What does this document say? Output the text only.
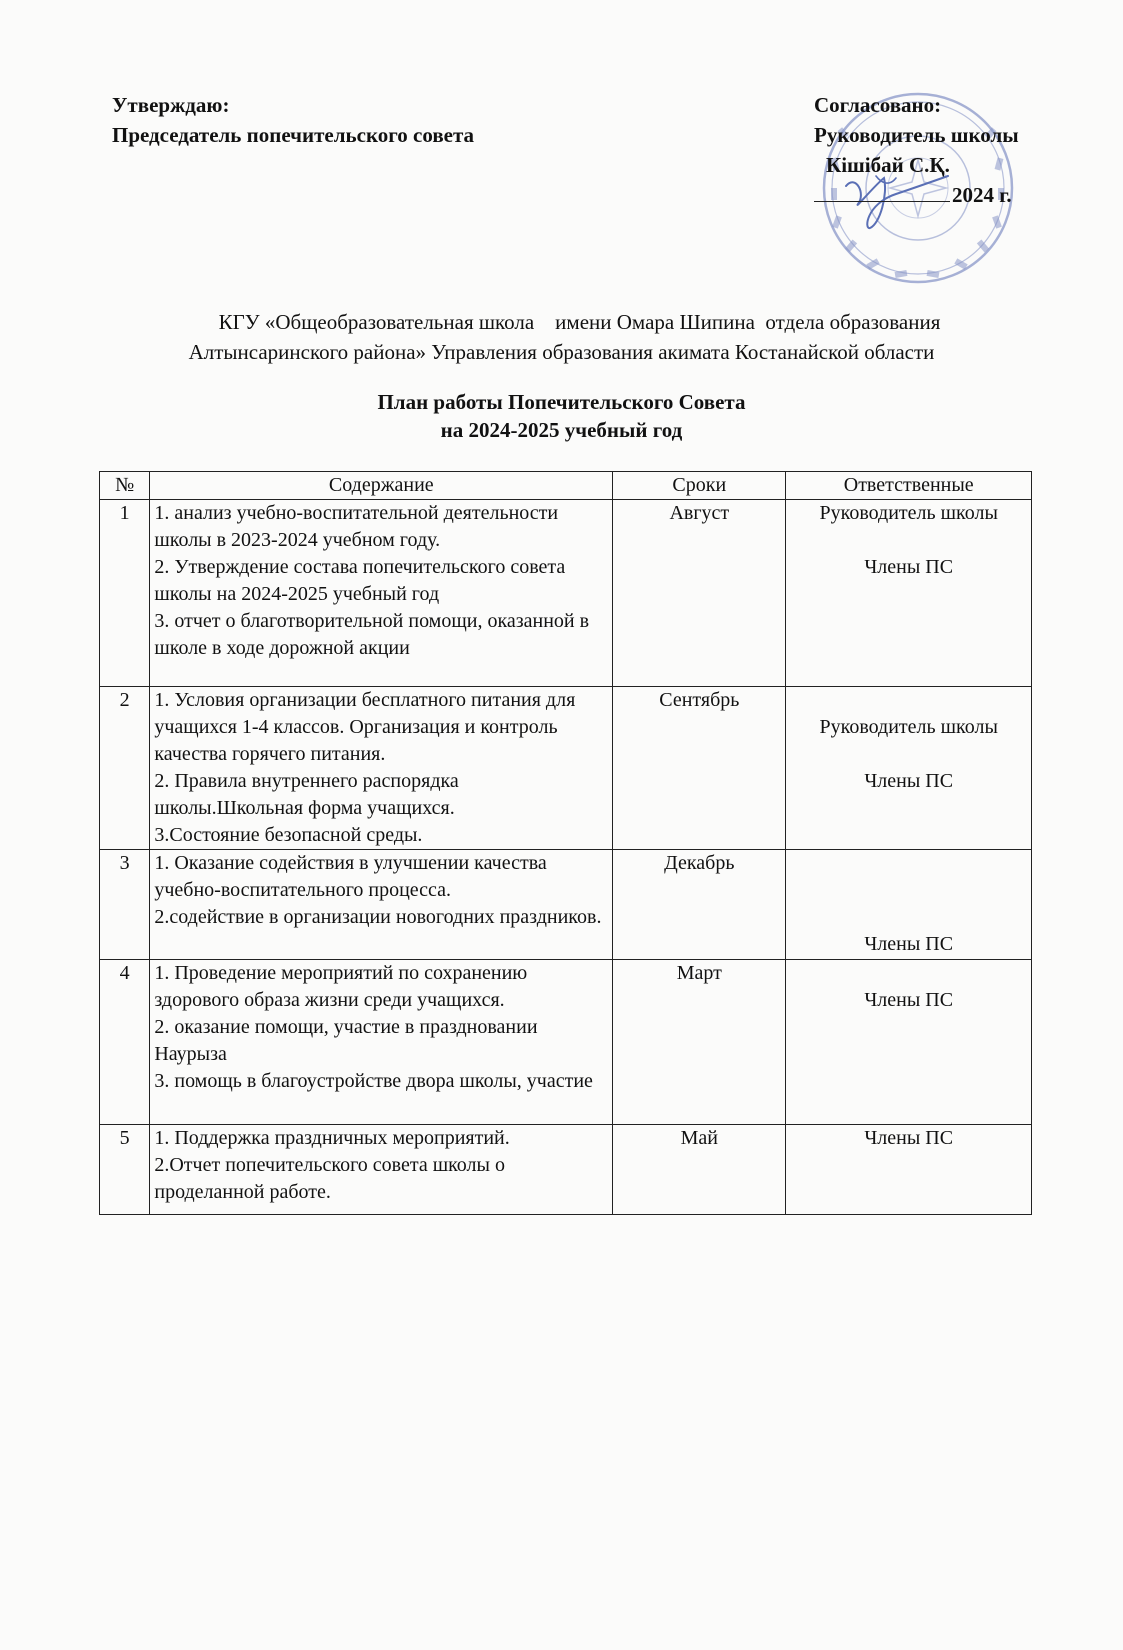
Утверждаю:
Председатель попечительского совета
Согласовано:
Руководитель школы
Кішібай С.Қ.
2024 г.
КГУ «Общеобразовательная школа    имени Омара Шипина  отдела образования
Алтынсаринского района» Управления образования акимата Костанайской области
План работы Попечительского Совета
на 2024-2025 учебный год
№	Содержание	Сроки	Ответственные
1	1. анализ учебно-воспитательной деятельности школы в 2023-2024 учебном году.
2. Утверждение состава попечительского совета школы на 2024-2025 учебный год
3. отчет о благотворительной помощи, оказанной в школе в ходе дорожной акции	Август	Руководитель школы
Члены ПС

2	1. Условия организации бесплатного питания для учащихся 1-4 классов. Организация и контроль качества горячего питания.
2. Правила внутреннего распорядка школы.Школьная форма учащихся.
3.Состояние безопасной среды.	Сентябрь	Руководитель школы
Члены ПС

3	1. Оказание содействия в улучшении качества учебно-воспитательного процесса.
2.содействие в организации новогодних праздников.	Декабрь	Члены ПС

4	1. Проведение мероприятий по сохранению здорового образа жизни среди учащихся.
2. оказание помощи, участие в праздновании Наурыза
3. помощь в благоустройстве двора школы, участие	Март	Члены ПС

5	1. Поддержка праздничных мероприятий.
2.Отчет попечительского совета школы о проделанной работе.	Май	Члены ПС
